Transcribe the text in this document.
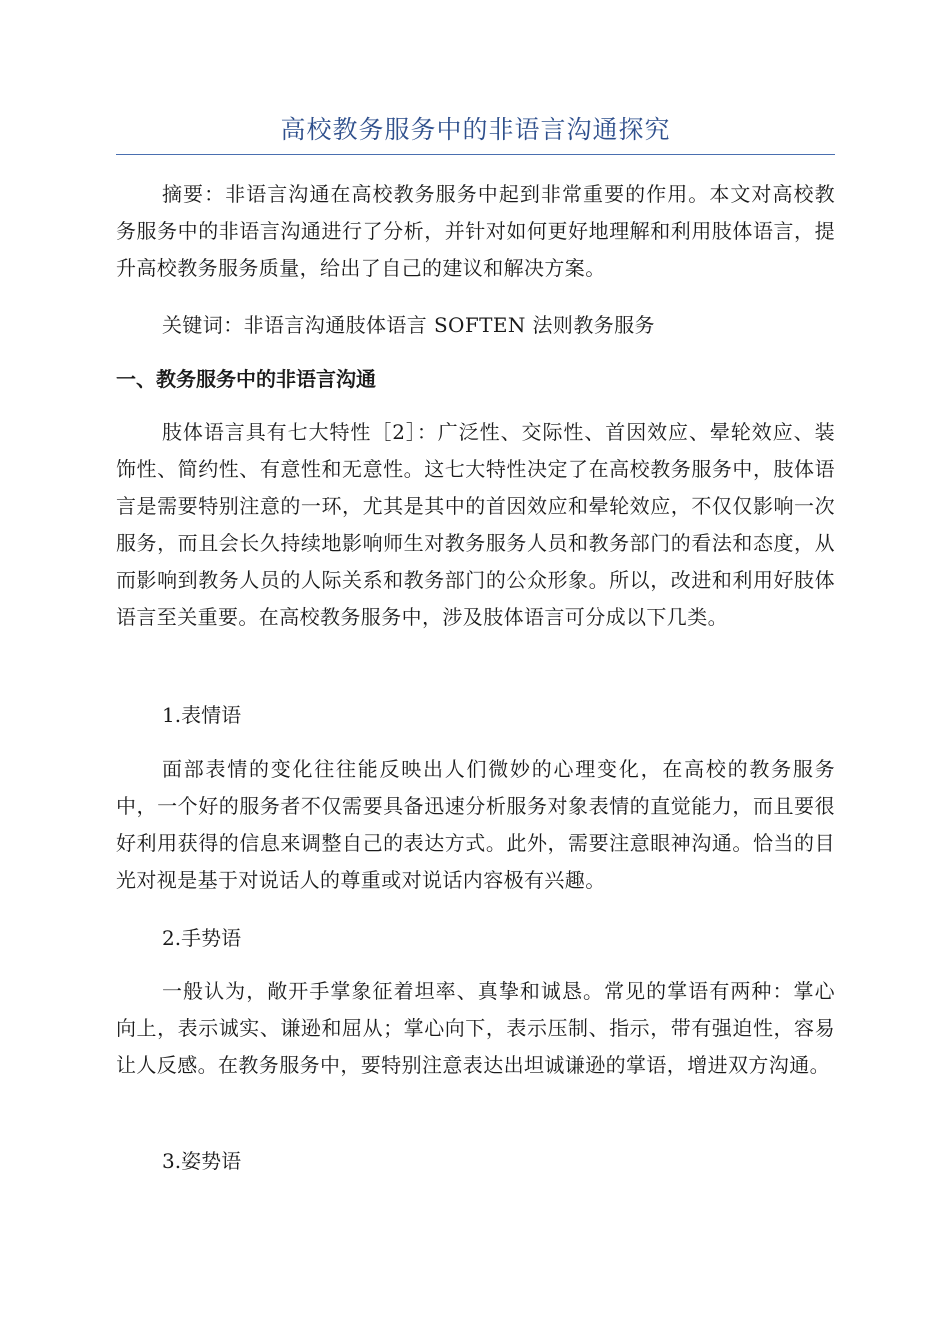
高校教务服务中的非语言沟通探究

摘要：非语言沟通在高校教务服务中起到非常重要的作用。本文对高校教务服务中的非语言沟通进行了分析，并针对如何更好地理解和利用肢体语言，提升高校教务服务质量，给出了自己的建议和解决方案。

关键词：非语言沟通肢体语言 SOFTEN 法则教务服务

一、教务服务中的非语言沟通

肢体语言具有七大特性［2］：广泛性、交际性、首因效应、晕轮效应、装饰性、简约性、有意性和无意性。这七大特性决定了在高校教务服务中，肢体语言是需要特别注意的一环，尤其是其中的首因效应和晕轮效应，不仅仅影响一次服务，而且会长久持续地影响师生对教务服务人员和教务部门的看法和态度，从而影响到教务人员的人际关系和教务部门的公众形象。所以，改进和利用好肢体语言至关重要。在高校教务服务中，涉及肢体语言可分成以下几类。

1.表情语

面部表情的变化往往能反映出人们微妙的心理变化，在高校的教务服务中，一个好的服务者不仅需要具备迅速分析服务对象表情的直觉能力，而且要很好利用获得的信息来调整自己的表达方式。此外，需要注意眼神沟通。恰当的目光对视是基于对说话人的尊重或对说话内容极有兴趣。

2.手势语

一般认为，敞开手掌象征着坦率、真挚和诚恳。常见的掌语有两种：掌心向上，表示诚实、谦逊和屈从；掌心向下，表示压制、指示，带有强迫性，容易让人反感。在教务服务中，要特别注意表达出坦诚谦逊的掌语，增进双方沟通。

3.姿势语
